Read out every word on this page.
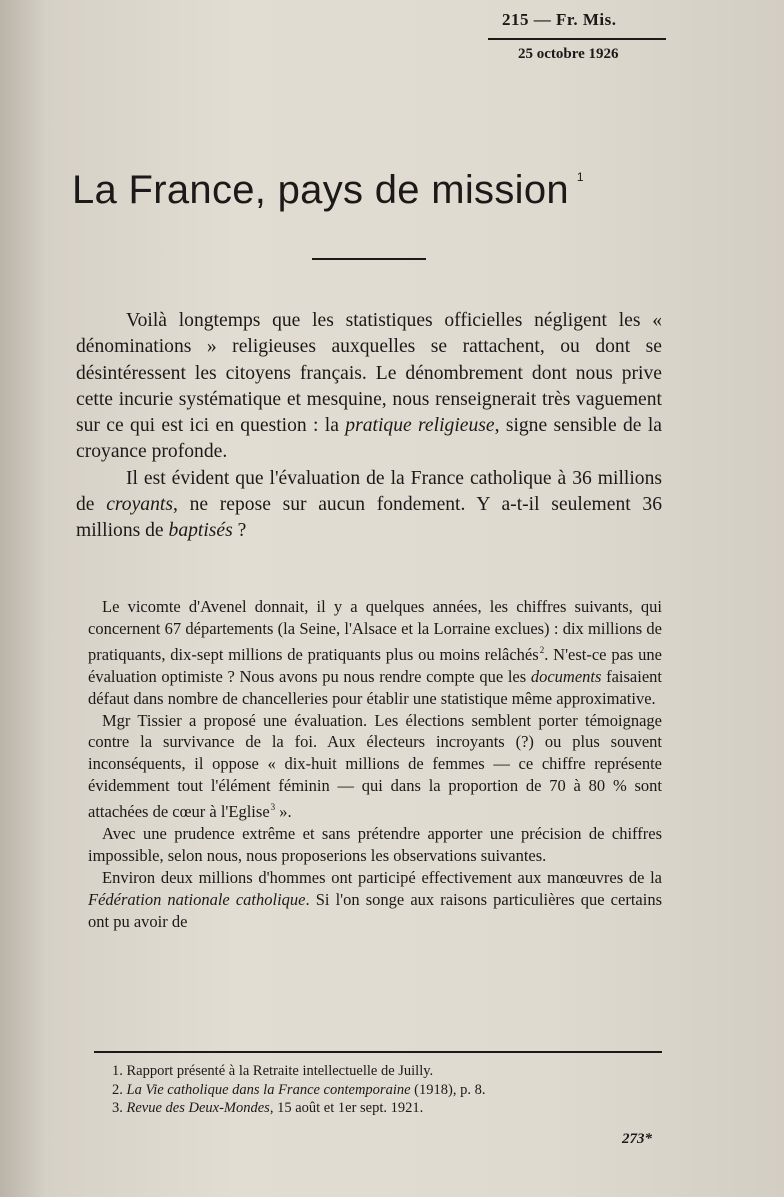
215 — Fr. Mis.
25 octobre 1926
La France, pays de mission $^1$

Voilà longtemps que les statistiques officielles négligent les « dénominations » religieuses auxquelles se rattachent, ou dont se désintéressent les citoyens français. Le dénombrement dont nous prive cette incurie systématique et mesquine, nous renseignerait très vaguement sur ce qui est ici en question : la pratique religieuse, signe sensible de la croyance profonde.

Il est évident que l'évaluation de la France catholique à 36 millions de croyants, ne repose sur aucun fondement. Y a-t-il seulement 36 millions de baptisés ?

Le vicomte d'Avenel donnait, il y a quelques années, les chiffres suivants, qui concernent 67 départements (la Seine, l'Alsace et la Lorraine exclues) : dix millions de pratiquants, dix-sept millions de pratiquants plus ou moins relâchés$^2$. N'est-ce pas une évaluation optimiste ? Nous avons pu nous rendre compte que les documents faisaient défaut dans nombre de chancelleries pour établir une statistique même approximative.

Mgr Tissier a proposé une évaluation. Les élections semblent porter témoignage contre la survivance de la foi. Aux électeurs incroyants (?) ou plus souvent inconséquents, il oppose « dix-huit millions de femmes — ce chiffre représente évidemment tout l'élément féminin — qui dans la proportion de 70 à 80 % sont attachées de cœur à l'Eglise$^3$ ».

Avec une prudence extrême et sans prétendre apporter une précision de chiffres impossible, selon nous, nous proposerions les observations suivantes.

Environ deux millions d'hommes ont participé effectivement aux manœuvres de la Fédération nationale catholique. Si l'on songe aux raisons particulières que certains ont pu avoir de

1. Rapport présenté à la Retraite intellectuelle de Juilly.
2. La Vie catholique dans la France contemporaine (1918), p. 8.
3. Revue des Deux-Mondes, 15 août et 1er sept. 1921.
273*
